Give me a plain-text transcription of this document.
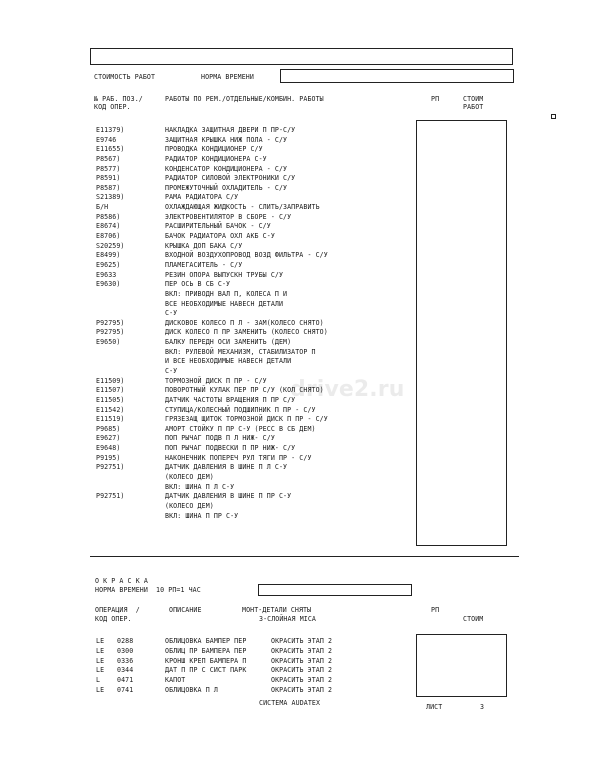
СТОИМОСТЬ РАБОТ	НОРМА ВРЕМЕНИ
№ РАБ. ПОЗ./
КОД ОПЕР.
РАБОТЫ ПО РЕМ./ОТДЕЛЬНЫЕ/КОМБИН. РАБОТЫ	РП	СТОИМ
РАБОТ
E11379)	НАКЛАДКА ЗАЩИТНАЯ ДВЕРИ П ПР-С/У
E9746	ЗАЩИТНАЯ КРЫШКА НИЖ ПОЛА - С/У
E11655)	ПРОВОДКА КОНДИЦИОНЕР С/У
P8567)	РАДИАТОР КОНДИЦИОНЕРА С-У
P8577)	КОНДЕНСАТОР КОНДИЦИОНЕРА - С/У
P8591)	РАДИАТОР СИЛОВОЙ ЭЛЕКТРОНИКИ С/У
P8587)	ПРОМЕЖУТОЧНЫЙ ОХЛАДИТЕЛЬ - С/У
S21389)	РАМА РАДИАТОРА С/У
Б/Н	ОХЛАЖДАЮЩАЯ ЖИДКОСТЬ - СЛИТЬ/ЗАПРАВИТЬ
P8586)	ЭЛЕКТРОВЕНТИЛЯТОР В СБОРЕ - С/У
E8674)	РАСШИРИТЕЛЬНЫЙ БАЧОК - С/У
E8706)	БАЧОК РАДИАТОРА ОХЛ АКБ С-У
S20259)	КРЫШКА ДОП БАКА С/У
E8499)	ВХОДНОЙ ВОЗДУХОПРОВОД ВОЗД ФИЛЬТРА - С/У
E9625)	ПЛАМЕГАСИТЕЛЬ - С/У
E9633	РЕЗИН ОПОРА ВЫПУСКН ТРУБЫ С/У
E9630)	ПЕР ОСЬ В СБ С-У
ВКЛ: ПРИВОДН ВАЛ П, КОЛЕСА П И
ВСЕ НЕОБХОДИМЫЕ НАВЕСН ДЕТАЛИ
С-У
P92795)	ДИСКОВОЕ КОЛЕСО П Л - ЗАМ(КОЛЕСО СНЯТО)
P92795)	ДИСК КОЛЕСО П ПР ЗАМЕНИТЬ (КОЛЕСО СНЯТО)
E9650)	БАЛКУ ПЕРЕДН ОСИ ЗАМЕНИТЬ (ДЕМ)
ВКЛ: РУЛЕВОЙ МЕХАНИЗМ, СТАБИЛИЗАТОР П
И ВСЕ НЕОБХОДИМЫЕ НАВЕСН ДЕТАЛИ
С-У
E11509)	ТОРМОЗНОЙ ДИСК П ПР - С/У
E11507)	ПОВОРОТНЫЙ КУЛАК ПЕР ПР С/У (КОЛ СНЯТО)
E11505)	ДАТЧИК ЧАСТОТЫ ВРАЩЕНИЯ П ПР С/У
E11542)	СТУПИЦА/КОЛЕСНЫЙ ПОДШИПНИК П ПР - С/У
E11519)	ГРЯЗЕЗАЩ ЩИТОК ТОРМОЗНОЙ ДИСК П ПР - С/У
P9685)	АМОРТ СТОЙКУ П ПР С-У (РЕСС В СБ ДЕМ)
E9627)	ПОП РЫЧАГ ПОДВ П Л НИЖ- С/У
E9648)	ПОП РЫЧАГ ПОДВЕСКИ П ПР НИЖ- С/У
P9195)	НАКОНЕЧНИК ПОПЕРЕЧ РУЛ ТЯГИ ПР - С/У
P92751)	ДАТЧИК ДАВЛЕНИЯ В ШИНЕ П Л С-У
(КОЛЕСО ДЕМ)
ВКЛ: ШИНА П Л С-У
P92751)	ДАТЧИК ДАВЛЕНИЯ В ШИНЕ П ПР С-У
(КОЛЕСО ДЕМ)
ВКЛ: ШИНА П ПР С-У
drive2.ru
О К Р А С К А
НОРМА ВРЕМЕНИ  10 РП=1 ЧАС
ОПЕРАЦИЯ  /	ОПИСАНИЕ	МОНТ-ДЕТАЛИ СНЯТЫ	РП
КОД ОПЕР.	3-СЛОЙНАЯ MICA	СТОИМ
LE 0288	ОБЛИЦОВКА БАМПЕР ПЕР	ОКРАСИТЬ ЭТАП 2
LE 0300	ОБЛИЦ ПР БАМПЕРА ПЕР	ОКРАСИТЬ ЭТАП 2
LE 0336	КРОНШ КРЕП БАМПЕРА П	ОКРАСИТЬ ЭТАП 2
LE 0344	ДАТ П ПР С СИСТ ПАРК	ОКРАСИТЬ ЭТАП 2
L	0471	КАПОТ	ОКРАСИТЬ ЭТАП 2
LE 0741	ОБЛИЦОВКА П Л	ОКРАСИТЬ ЭТАП 2
СИСТЕМА AUDATEX	ЛИСТ	3
